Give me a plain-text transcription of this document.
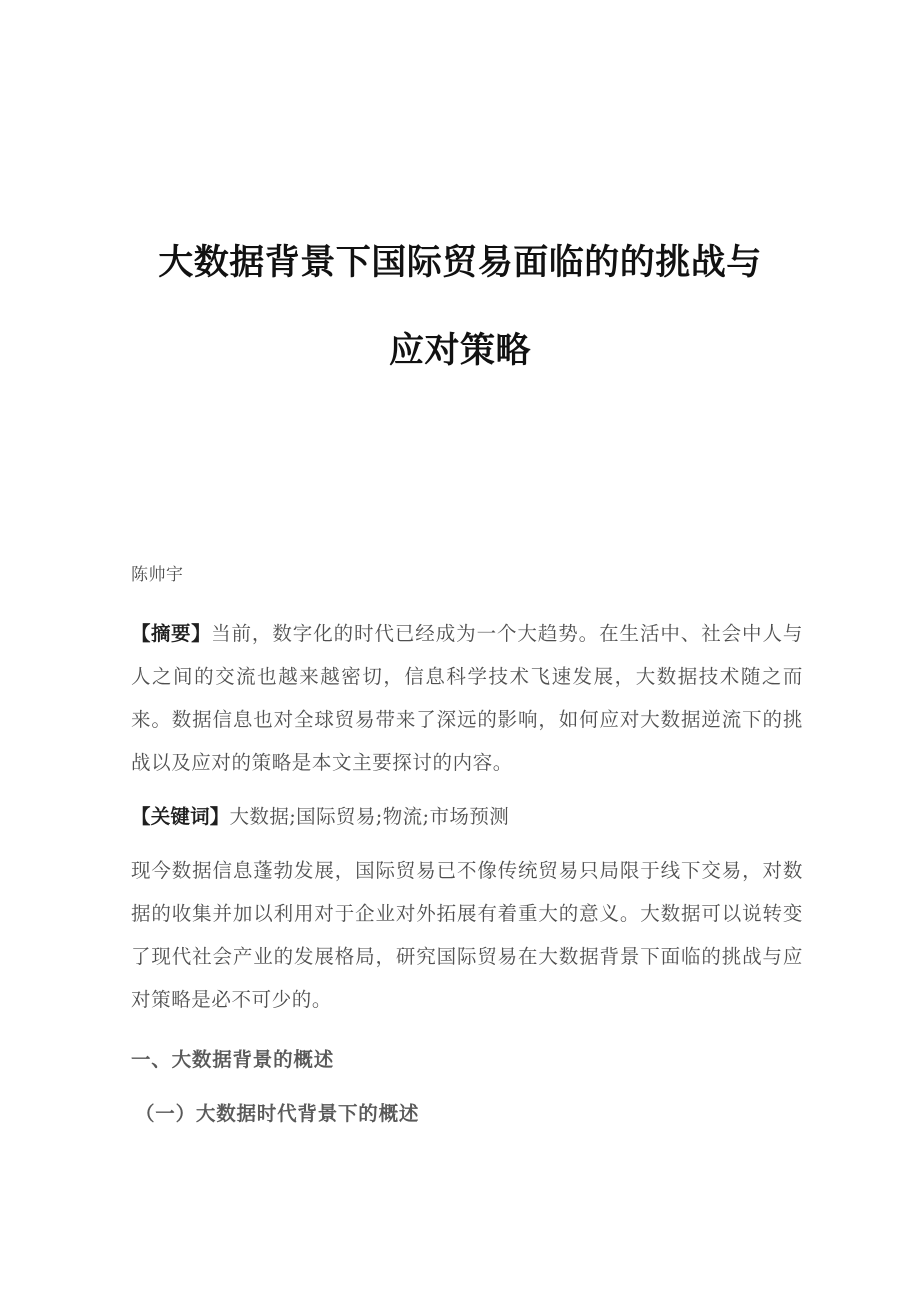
大数据背景下国际贸易面临的的挑战与
应对策略
陈帅宇

【摘要】当前，数字化的时代已经成为一个大趋势。在生活中、社会中人与人之间的交流也越来越密切，信息科学技术飞速发展，大数据技术随之而来。数据信息也对全球贸易带来了深远的影响，如何应对大数据逆流下的挑战以及应对的策略是本文主要探讨的内容。

【关键词】大数据;国际贸易;物流;市场预测

现今数据信息蓬勃发展，国际贸易已不像传统贸易只局限于线下交易，对数据的收集并加以利用对于企业对外拓展有着重大的意义。大数据可以说转变了现代社会产业的发展格局，研究国际贸易在大数据背景下面临的挑战与应对策略是必不可少的。

一、大数据背景的概述
（一）大数据时代背景下的概述
